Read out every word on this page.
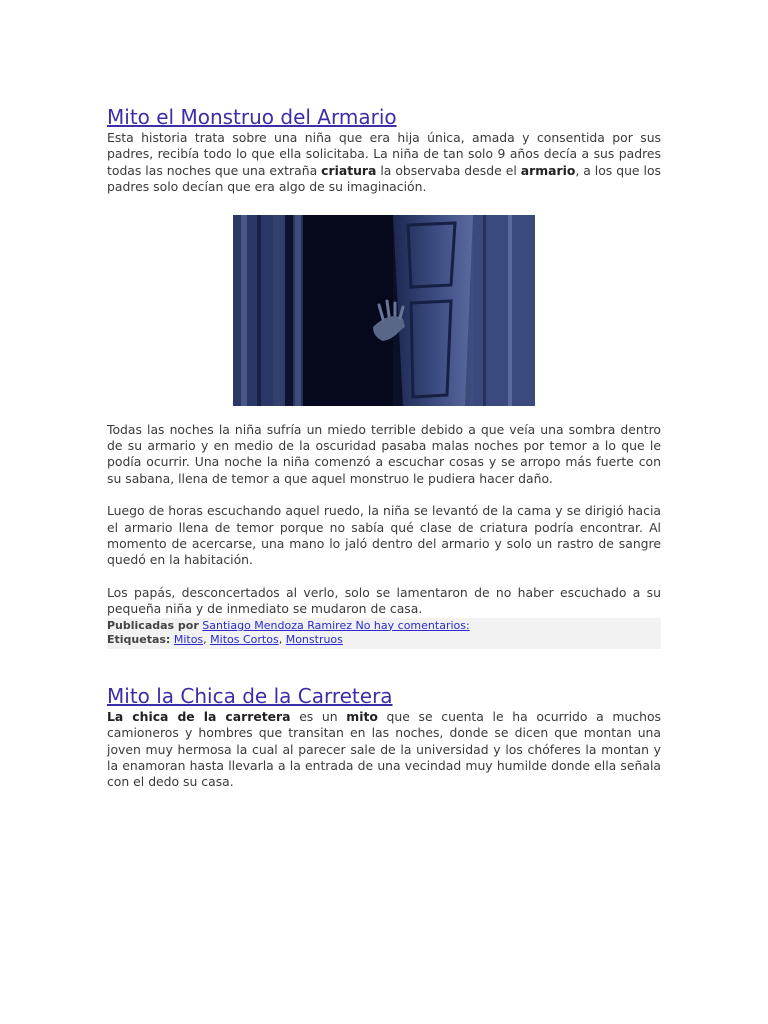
Mito el Monstruo del Armario

Esta historia trata sobre una niña que era hija única, amada y consentida por sus padres, recibía todo lo que ella solicitaba. La niña de tan solo 9 años decía a sus padres todas las noches que una extraña criatura la observaba desde el armario, a los que los padres solo decían que era algo de su imaginación.

Todas las noches la niña sufría un miedo terrible debido a que veía una sombra dentro de su armario y en medio de la oscuridad pasaba malas noches por temor a lo que le podía ocurrir. Una noche la niña comenzó a escuchar cosas y se arropo más fuerte con su sabana, llena de temor a que aquel monstruo le pudiera hacer daño.

Luego de horas escuchando aquel ruedo, la niña se levantó de la cama y se dirigió hacia el armario llena de temor porque no sabía qué clase de criatura podría encontrar. Al momento de acercarse, una mano lo jaló dentro del armario y solo un rastro de sangre quedó en la habitación.

Los papás, desconcertados al verlo, solo se lamentaron de no haber escuchado a su pequeña niña y de inmediato se mudaron de casa.

Publicadas por Santiago Mendoza Ramirez No hay comentarios:
Etiquetas: Mitos, Mitos Cortos, Monstruos
Mito la Chica de la Carretera

La chica de la carretera es un mito que se cuenta le ha ocurrido a muchos camioneros y hombres que transitan en las noches, donde se dicen que montan una joven muy hermosa la cual al parecer sale de la universidad y los chóferes la montan y la enamoran hasta llevarla a la entrada de una vecindad muy humilde donde ella señala con el dedo su casa.
